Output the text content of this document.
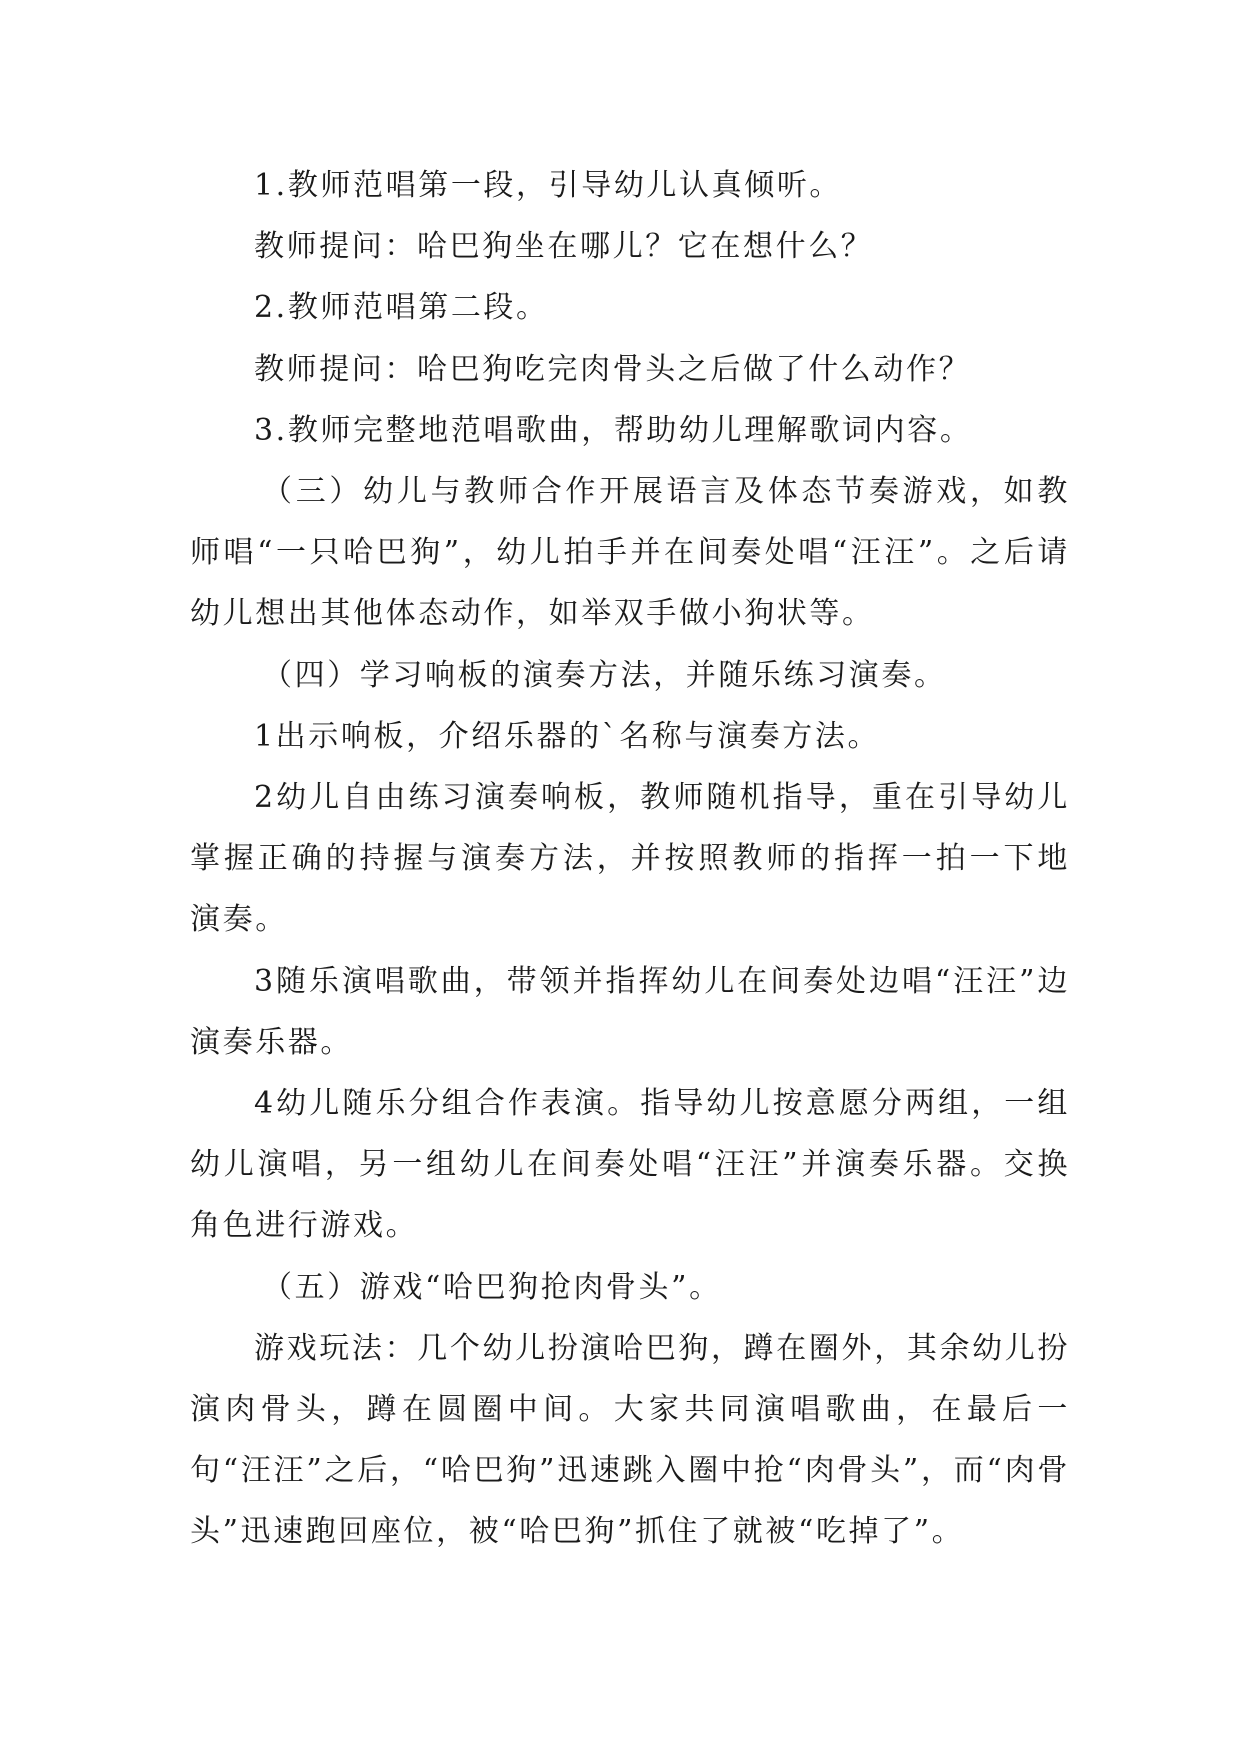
1.教师范唱第一段，引导幼儿认真倾听。

教师提问：哈巴狗坐在哪儿？它在想什么？

2.教师范唱第二段。

教师提问：哈巴狗吃完肉骨头之后做了什么动作？

3.教师完整地范唱歌曲，帮助幼儿理解歌词内容。

（三）幼儿与教师合作开展语言及体态节奏游戏，如教师唱“一只哈巴狗”，幼儿拍手并在间奏处唱“汪汪”。之后请幼儿想出其他体态动作，如举双手做小狗状等。

（四）学习响板的演奏方法，并随乐练习演奏。

1出示响板，介绍乐器的`名称与演奏方法。

2幼儿自由练习演奏响板，教师随机指导，重在引导幼儿掌握正确的持握与演奏方法，并按照教师的指挥一拍一下地演奏。

3随乐演唱歌曲，带领并指挥幼儿在间奏处边唱“汪汪”边演奏乐器。

4幼儿随乐分组合作表演。指导幼儿按意愿分两组，一组幼儿演唱，另一组幼儿在间奏处唱“汪汪”并演奏乐器。交换角色进行游戏。

（五）游戏“哈巴狗抢肉骨头”。

游戏玩法：几个幼儿扮演哈巴狗，蹲在圈外，其余幼儿扮演肉骨头，蹲在圆圈中间。大家共同演唱歌曲，在最后一句“汪汪”之后，“哈巴狗”迅速跳入圈中抢“肉骨头”，而“肉骨头”迅速跑回座位，被“哈巴狗”抓住了就被“吃掉了”。
